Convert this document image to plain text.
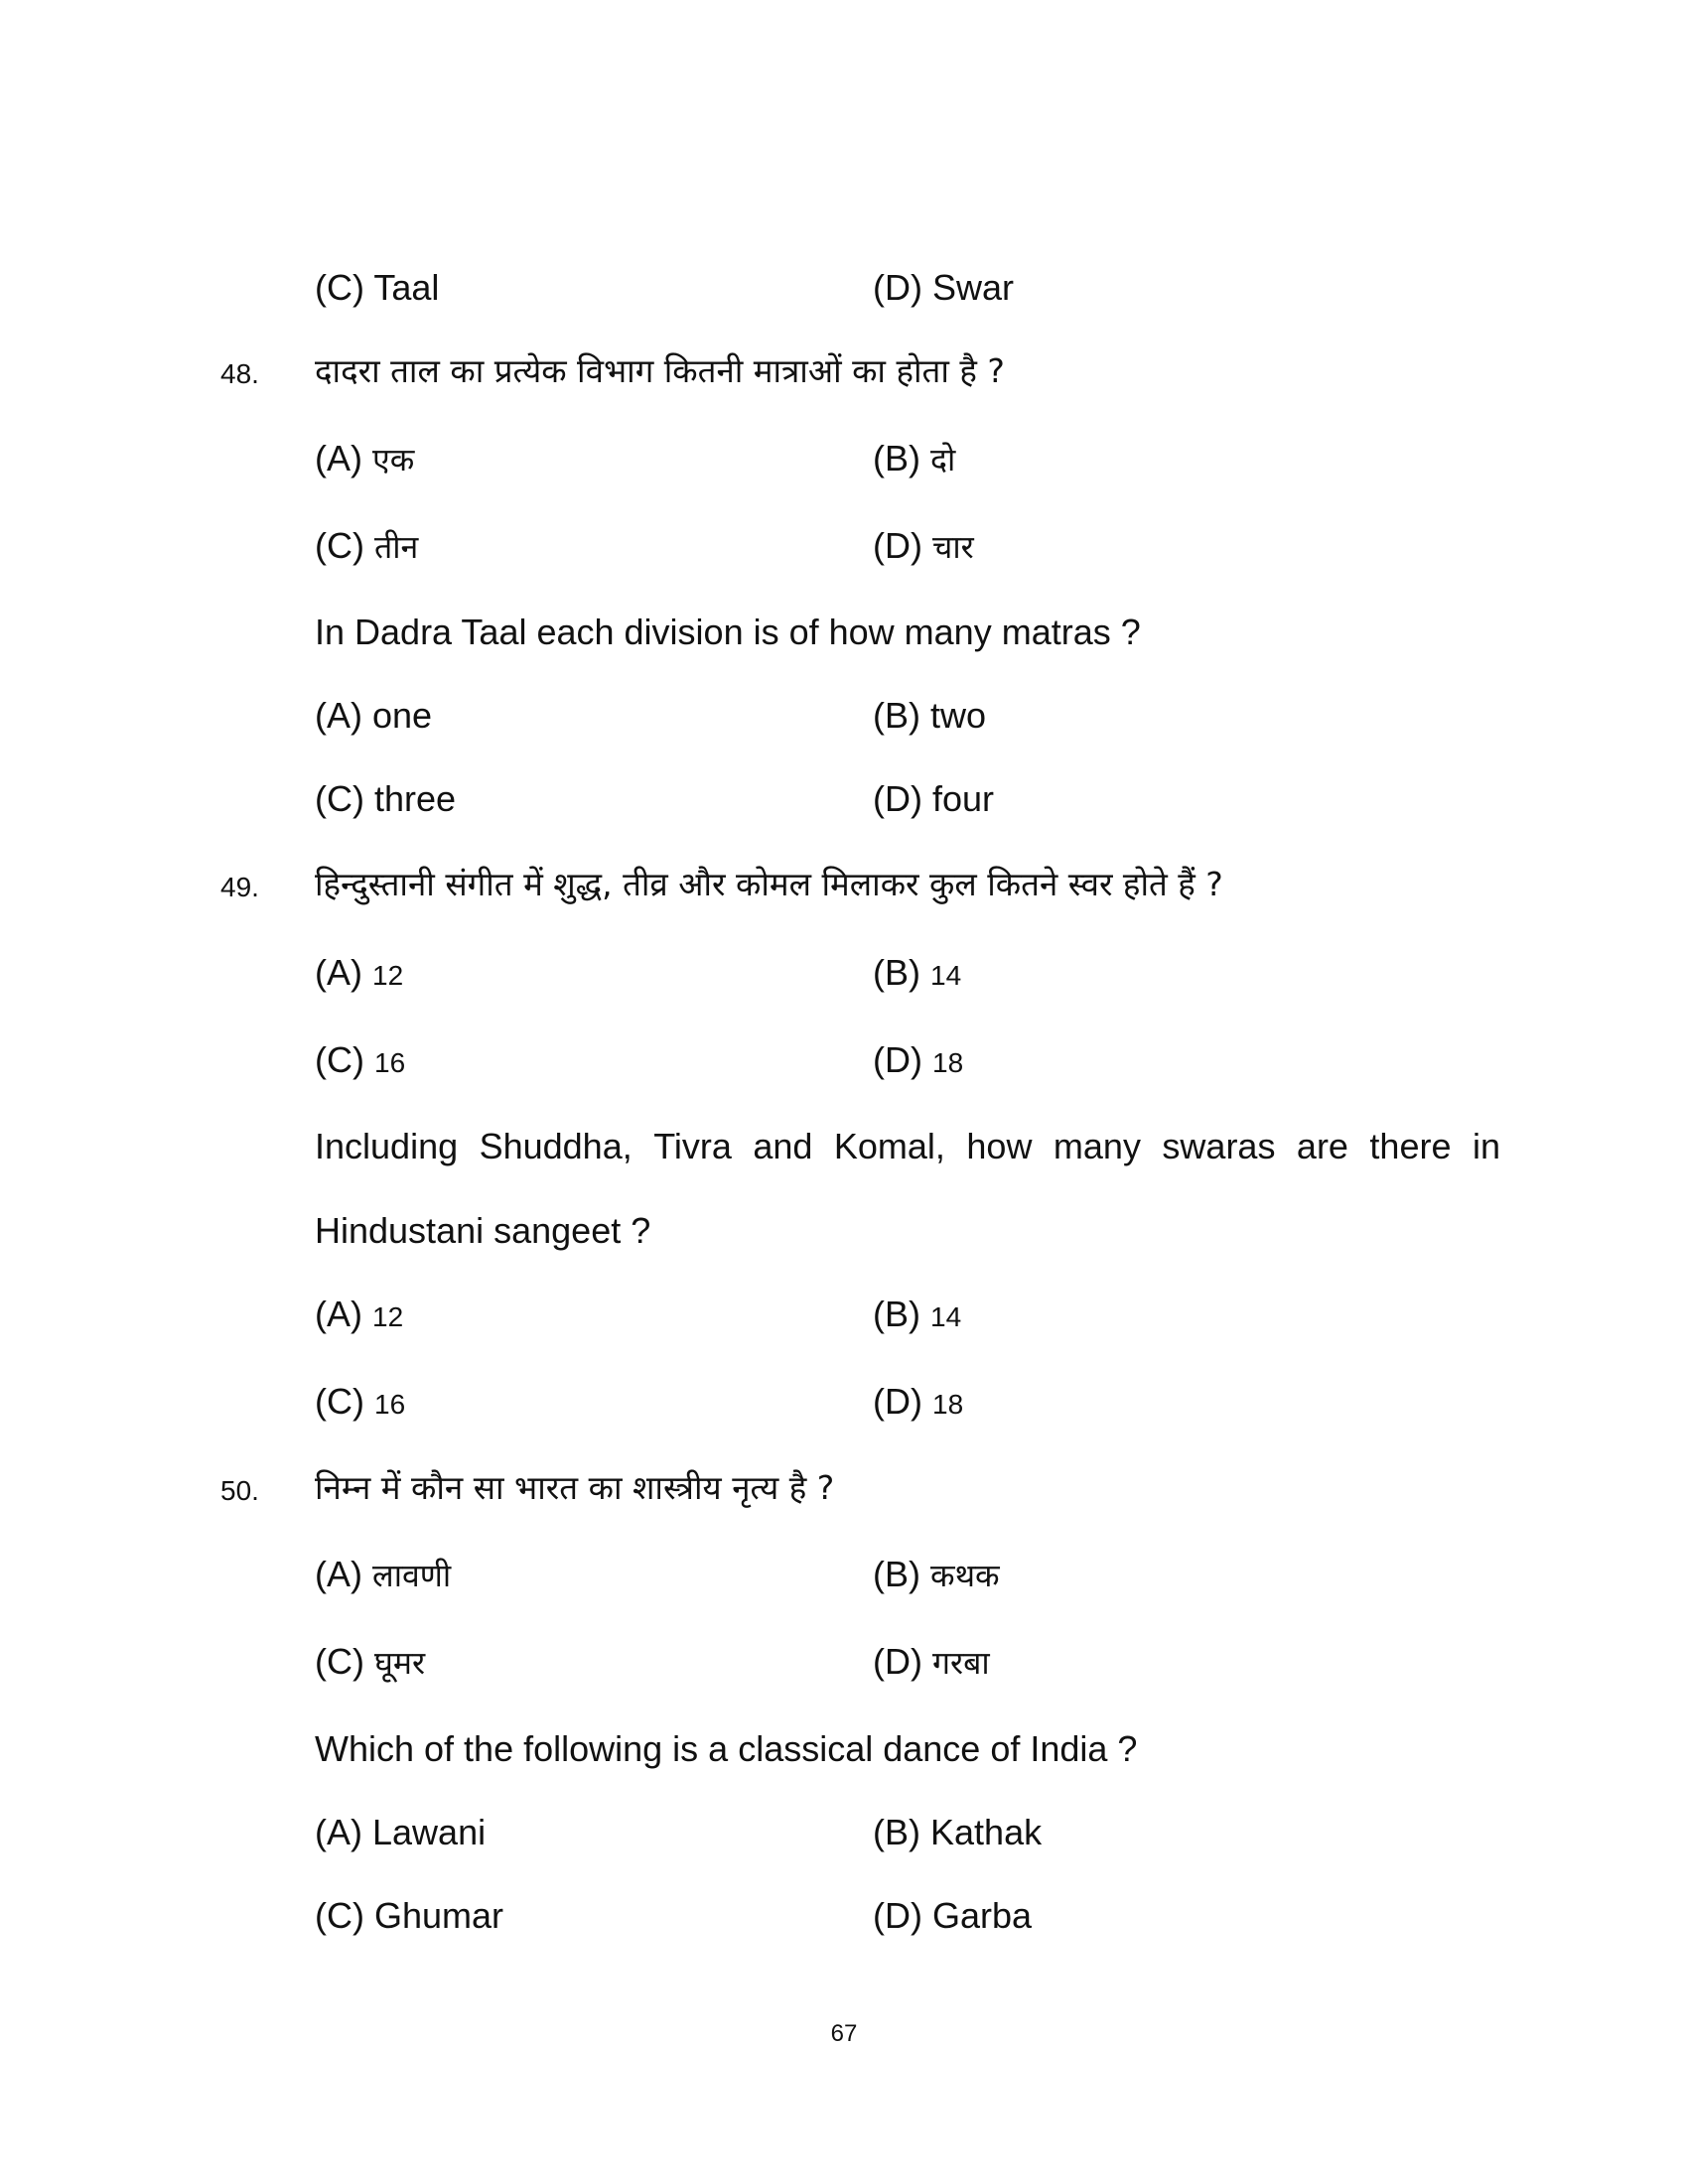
(C) Taal	(D) Swar
48. दादरा ताल का प्रत्येक विभाग कितनी मात्राओं का होता है ?
(A) एक	(B) दो
(C) तीन	(D) चार
In Dadra Taal each division is of how many matras ?
(A) one	(B) two
(C) three	(D) four
49. हिन्दुस्तानी संगीत में शुद्ध, तीव्र और कोमल मिलाकर कुल कितने स्वर होते हैं ?
(A) 12	(B) 14
(C) 16	(D) 18
Including Shuddha, Tivra and Komal, how many swaras are there in
Hindustani sangeet ?
(A) 12	(B) 14
(C) 16	(D) 18
50. निम्न में कौन सा भारत का शास्त्रीय नृत्य है ?
(A) लावणी	(B) कथक
(C) घूमर	(D) गरबा
Which of the following is a classical dance of India ?
(A) Lawani	(B) Kathak
(C) Ghumar	(D) Garba
67
